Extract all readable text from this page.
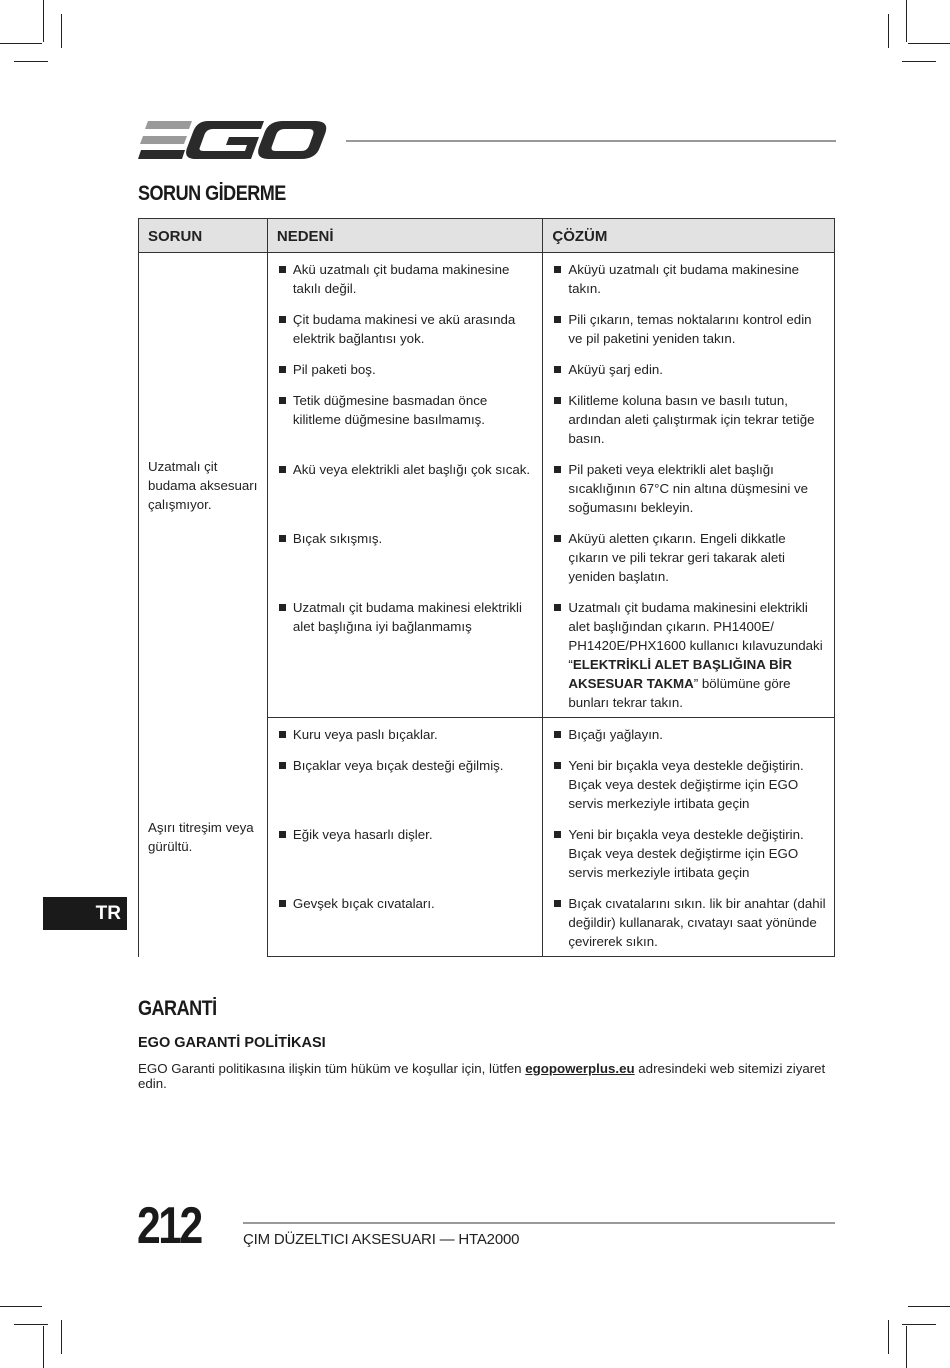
SORUN GİDERME
SORUN	NEDENİ	ÇÖZÜM
Uzatmalı çit budama aksesuarı çalışmıyor.	Akü uzatmalı çit budama makinesine takılı değil.	Aküyü uzatmalı çit budama makinesine takın.

	Çit budama makinesi ve akü arasında elektrik bağlantısı yok.	Pili çıkarın, temas noktalarını kontrol edin ve pil paketini yeniden takın.

	Pil paketi boş.	Aküyü şarj edin.

	Tetik düğmesine basmadan önce kilitleme düğmesine basılmamış.	Kilitleme koluna basın ve basılı tutun, ardından aleti çalıştırmak için tekrar tetiğe basın.

	Akü veya elektrikli alet başlığı çok sıcak.	Pil paketi veya elektrikli alet başlığı sıcaklığının 67°C nin altına düşmesini ve soğumasını bekleyin.

	Bıçak sıkışmış.	Aküyü aletten çıkarın. Engeli dikkatle çıkarın ve pili tekrar geri takarak aleti yeniden başlatın.

	Uzatmalı çit budama makinesi elektrikli alet başlığına iyi bağlanmamış	Uzatmalı çit budama makinesini elektrikli alet başlığından çıkarın. PH1400E/ PH1420E/PHX1600 kullanıcı kılavuzundaki “ELEKTRİKLİ ALET BAŞLIĞINA BİR AKSESUAR TAKMA” bölümüne göre bunları tekrar takın.

Aşırı titreşim veya gürültü.	Kuru veya paslı bıçaklar.	Bıçağı yağlayın.

	Bıçaklar veya bıçak desteği eğilmiş.	Yeni bir bıçakla veya destekle değiştirin. Bıçak veya destek değiştirme için EGO servis merkeziyle irtibata geçin

	Eğik veya hasarlı dişler.	Yeni bir bıçakla veya destekle değiştirin. Bıçak veya destek değiştirme için EGO servis merkeziyle irtibata geçin

	Gevşek bıçak cıvataları.	Bıçak cıvatalarını sıkın. lik bir anahtar (dahil değildir) kullanarak, cıvatayı saat yönünde çevirerek sıkın.
TR
GARANTİ
EGO GARANTİ POLİTİKASI
EGO Garanti politikasına ilişkin tüm hüküm ve koşullar için, lütfen egopowerplus.eu adresindeki web sitemizi ziyaret edin.
212	ÇIM DÜZELTICI AKSESUARI — HTA2000
